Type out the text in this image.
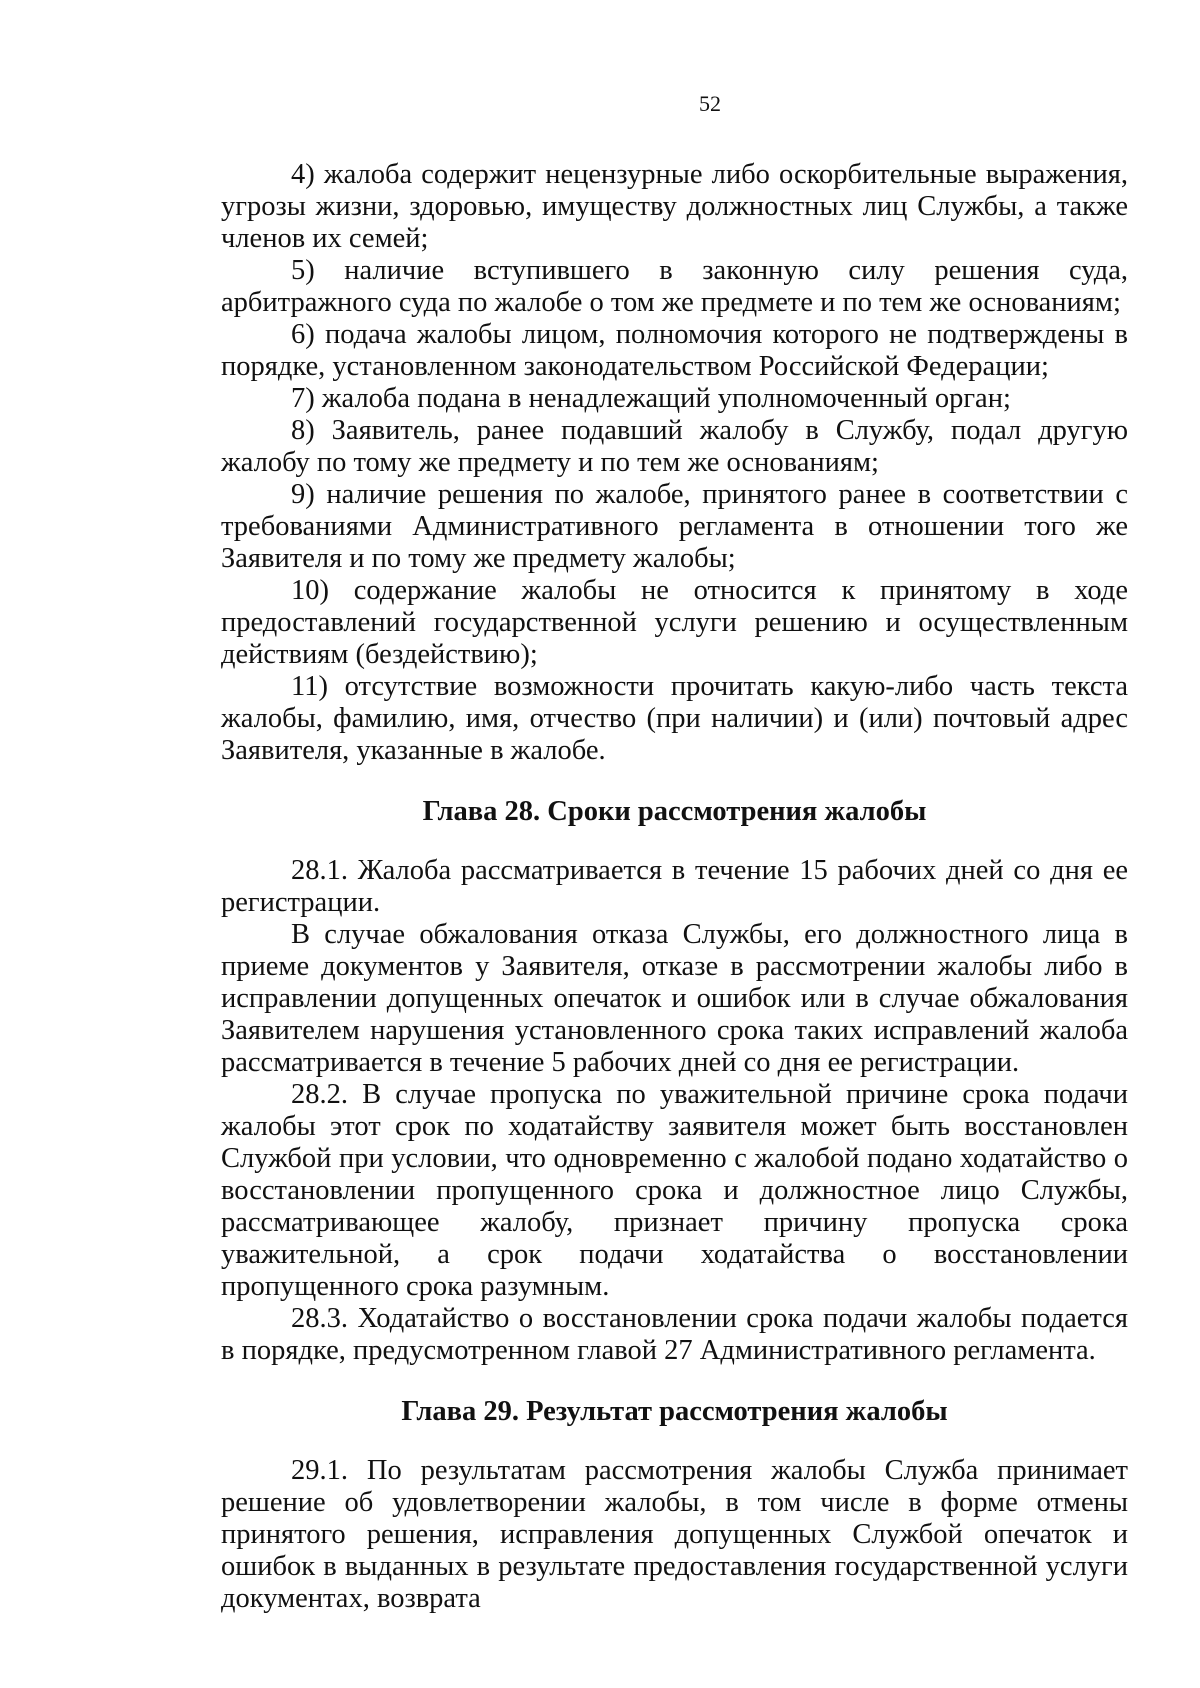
52

4) жалоба содержит нецензурные либо оскорбительные выражения, угрозы жизни, здоровью, имуществу должностных лиц Службы, а также членов их семей;

5) наличие вступившего в законную силу решения суда, арбитражного суда по жалобе о том же предмете и по тем же основаниям;

6) подача жалобы лицом, полномочия которого не подтверждены в порядке, установленном законодательством Российской Федерации;

7) жалоба подана в ненадлежащий уполномоченный орган;

8) Заявитель, ранее подавший жалобу в Службу, подал другую жалобу по тому же предмету и по тем же основаниям;

9) наличие решения по жалобе, принятого ранее в соответствии с требованиями Административного регламента в отношении того же Заявителя и по тому же предмету жалобы;

10) содержание жалобы не относится к принятому в ходе предоставлений государственной услуги решению и осуществленным действиям (бездействию);

11) отсутствие возможности прочитать какую-либо часть текста жалобы, фамилию, имя, отчество (при наличии) и (или) почтовый адрес Заявителя, указанные в жалобе.

Глава 28. Сроки рассмотрения жалобы

28.1. Жалоба рассматривается в течение 15 рабочих дней со дня ее регистрации.

В случае обжалования отказа Службы, его должностного лица в приеме документов у Заявителя, отказе в рассмотрении жалобы либо в исправлении допущенных опечаток и ошибок или в случае обжалования Заявителем нарушения установленного срока таких исправлений жалоба рассматривается в течение 5 рабочих дней со дня ее регистрации.

28.2. В случае пропуска по уважительной причине срока подачи жалобы этот срок по ходатайству заявителя может быть восстановлен Службой при условии, что одновременно с жалобой подано ходатайство о восстановлении пропущенного срока и должностное лицо Службы, рассматривающее жалобу, признает причину пропуска срока уважительной, а срок подачи ходатайства о восстановлении пропущенного срока разумным.

28.3. Ходатайство о восстановлении срока подачи жалобы подается в порядке, предусмотренном главой 27 Административного регламента.

Глава 29. Результат рассмотрения жалобы

29.1. По результатам рассмотрения жалобы Служба принимает решение об удовлетворении жалобы, в том числе в форме отмены принятого решения, исправления допущенных Службой опечаток и ошибок в выданных в результате предоставления государственной услуги документах, возврата
